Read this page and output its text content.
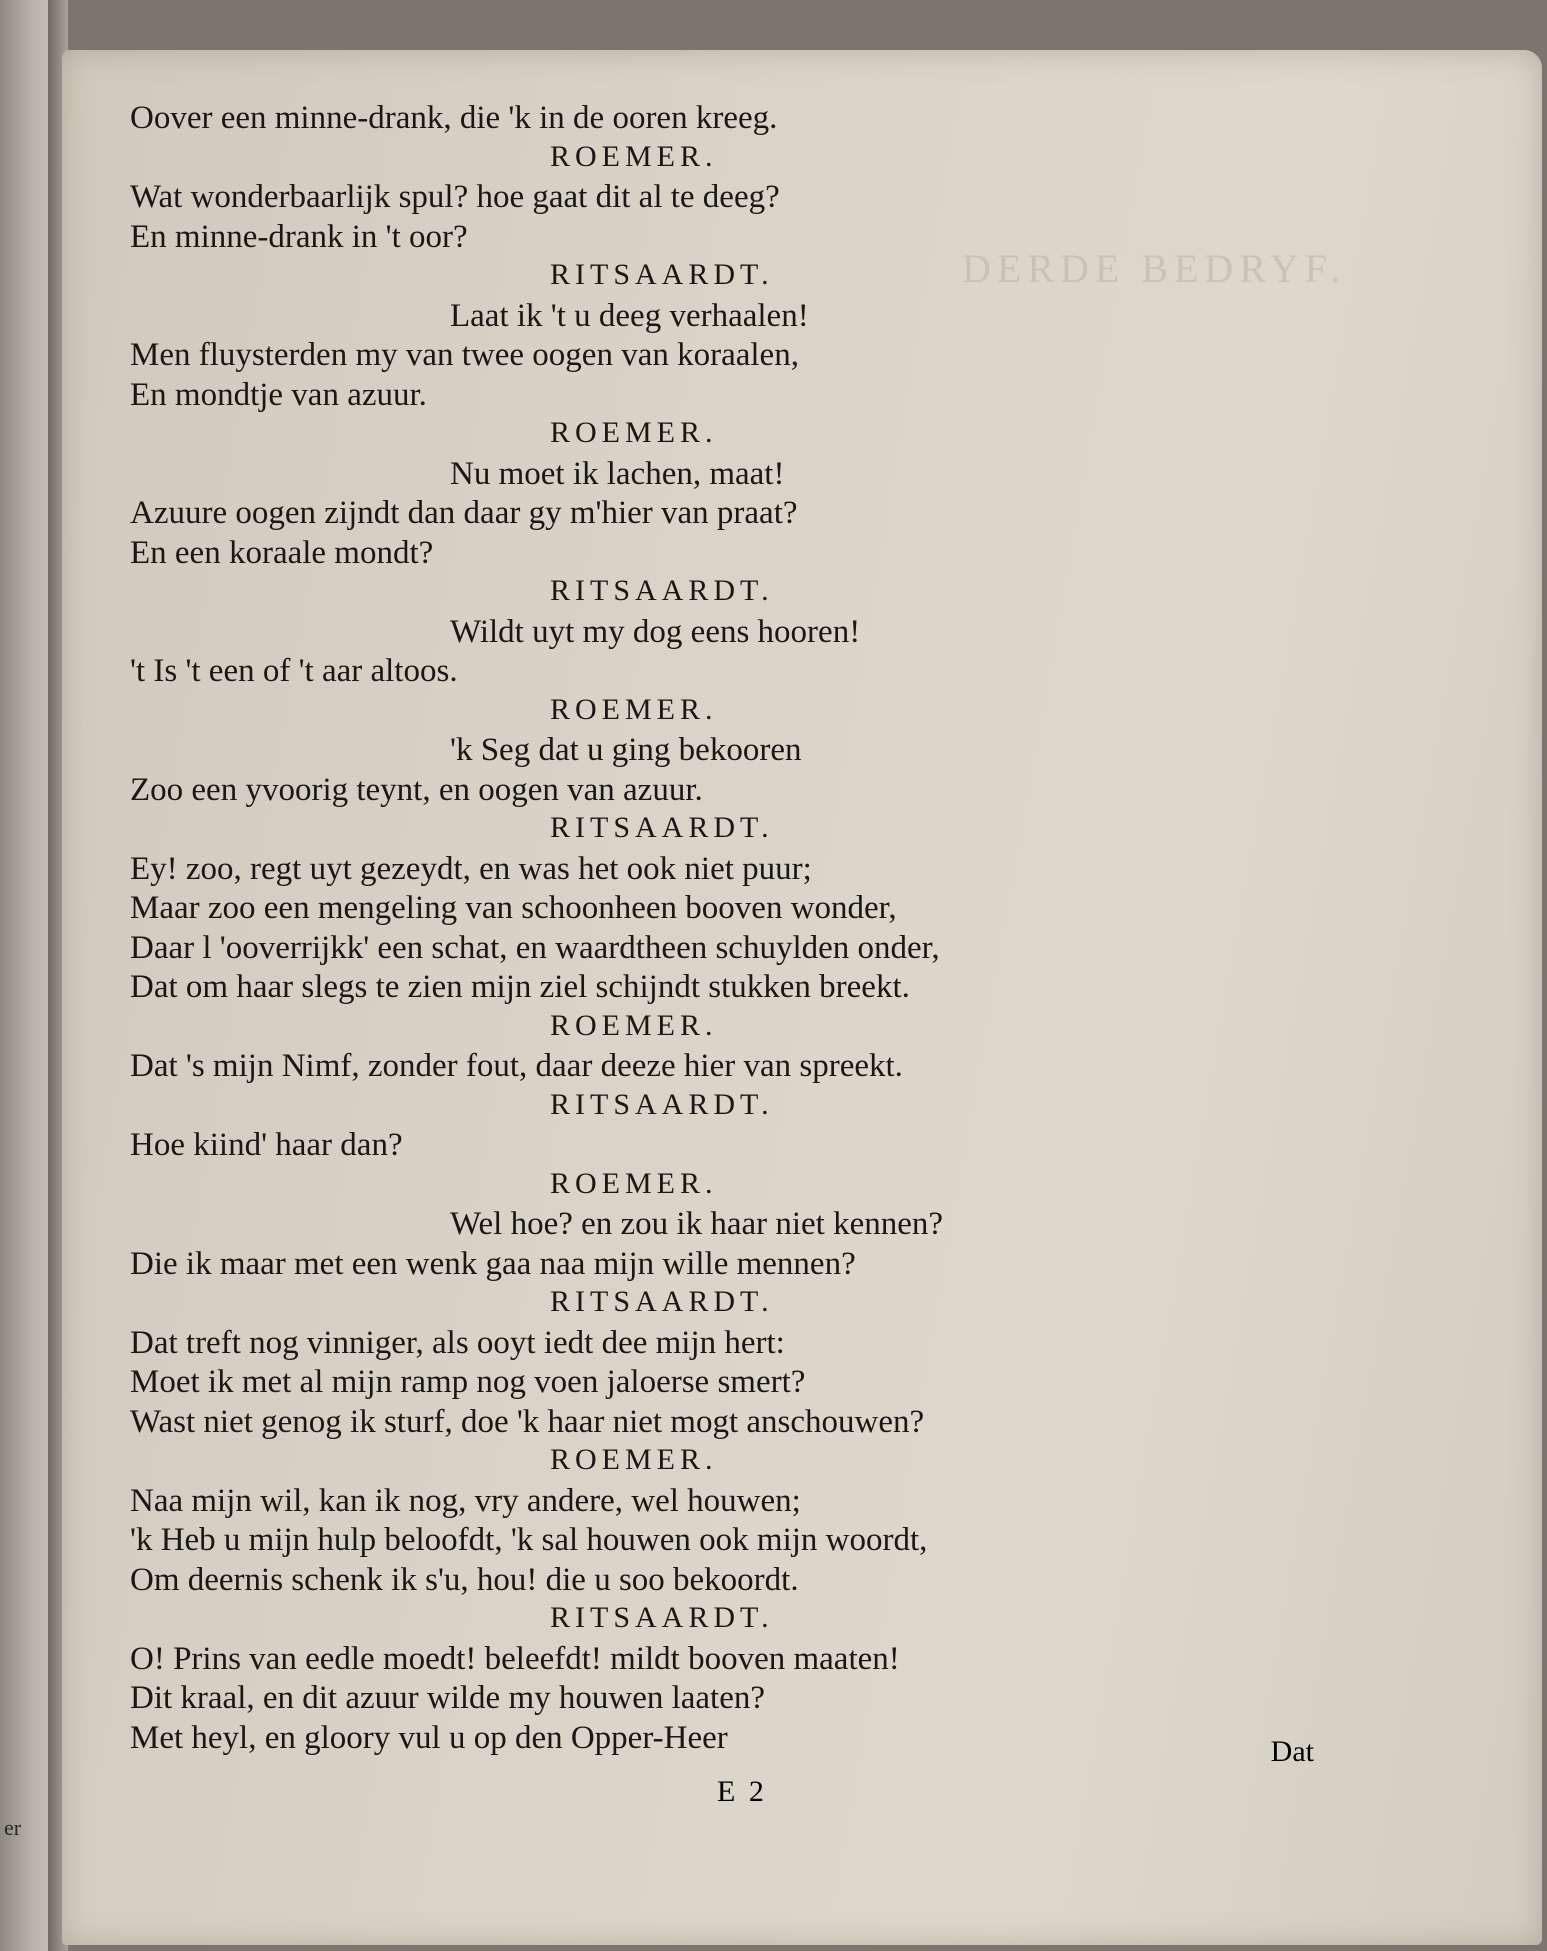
er
DERDE BEDRYF.
Oover een minne-drank, die 'k in de ooren kreeg.
ROEMER.
Wat wonderbaarlijk spul? hoe gaat dit al te deeg?
En minne-drank in 't oor?
RITSAARDT.
Laat ik 't u deeg verhaalen!
Men fluysterden my van twee oogen van koraalen,
En mondtje van azuur.
ROEMER.
Nu moet ik lachen, maat!
Azuure oogen zijndt dan daar gy m'hier van praat?
En een koraale mondt?
RITSAARDT.
Wildt uyt my dog eens hooren!
't Is 't een of 't aar altoos.
ROEMER.
'k Seg dat u ging bekooren
Zoo een yvoorig teynt, en oogen van azuur.
RITSAARDT.
Ey! zoo, regt uyt gezeydt, en was het ook niet puur;
Maar zoo een mengeling van schoonheen booven wonder,
Daar l 'ooverrijkk' een schat, en waardtheen schuylden onder,
Dat om haar slegs te zien mijn ziel schijndt stukken breekt.
ROEMER.
Dat 's mijn Nimf, zonder fout, daar deeze hier van spreekt.
RITSAARDT.
Hoe kiind' haar dan?
ROEMER.
Wel hoe? en zou ik haar niet kennen?
Die ik maar met een wenk gaa naa mijn wille mennen?
RITSAARDT.
Dat treft nog vinniger, als ooyt iedt dee mijn hert:
Moet ik met al mijn ramp nog voen jaloerse smert?
Wast niet genog ik sturf, doe 'k haar niet mogt anschouwen?
ROEMER.
Naa mijn wil, kan ik nog, vry andere, wel houwen;
'k Heb u mijn hulp beloofdt, 'k sal houwen ook mijn woordt,
Om deernis schenk ik s'u, hou! die u soo bekoordt.
RITSAARDT.
O! Prins van eedle moedt! beleefdt! mildt booven maaten!
Dit kraal, en dit azuur wilde my houwen laaten?
Met heyl, en gloory vul u op den Opper-Heer
E 2
Dat
